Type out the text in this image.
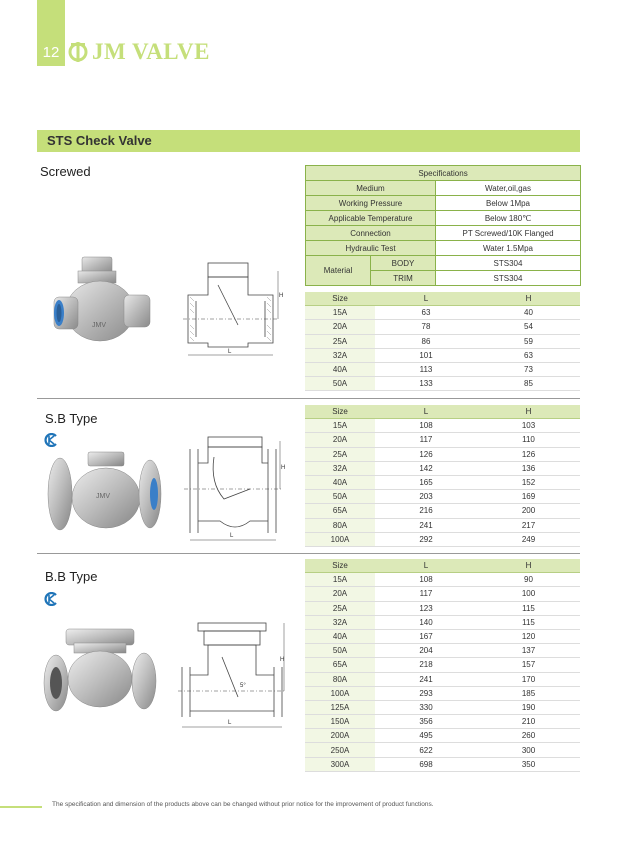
12 JM VALVE
STS Check Valve
Screwed
S.B Type
B.B Type
JMV
H
L
JMV
H
L
5°
H
L
Specifications		
Medium		Water,oil,gas
Working Pressure		Below 1Mpa
Applicable Temperature		Below 180℃
Connection		PT Screwed/10K Flanged
Hydraulic Test		Water 1.5Mpa
Material	BODY	STS304
	TRIM	STS304
Size	L	H
15A	63	40
20A	78	54
25A	86	59
32A	101	63
40A	113	73
50A	133	85
Size	L	H
15A	108	103
20A	117	110
25A	126	126
32A	142	136
40A	165	152
50A	203	169
65A	216	200
80A	241	217
100A	292	249
Size	L	H
15A	108	90
20A	117	100
25A	123	115
32A	140	115
40A	167	120
50A	204	137
65A	218	157
80A	241	170
100A	293	185
125A	330	190
150A	356	210
200A	495	260
250A	622	300
300A	698	350
The specification and dimension of the products above can be changed without prior notice for the improvement of product functions.
